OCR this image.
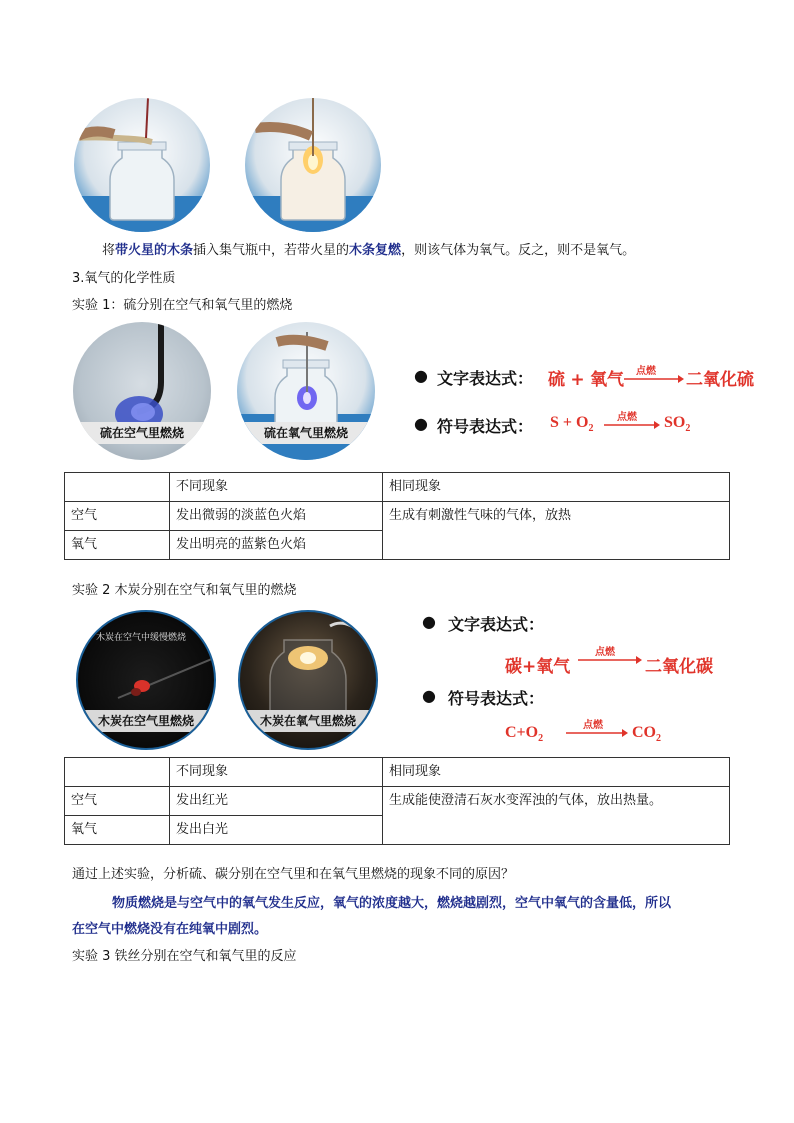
将带火星的木条插入集气瓶中，若带火星的木条复燃，则该气体为氧气。反之，则不是氧气。
3.氧气的化学性质
实验 1：硫分别在空气和氧气里的燃烧
硫在空气里燃烧	硫在氧气里燃烧
● 文字表达式： 硫 + 氧气 点燃 → 二氧化硫
● 符号表达式： $S + O_2$
点燃 → $SO_2$
	不同现象	相同现象
空气	发出微弱的淡蓝色火焰	生成有刺激性气味的气体，放热
氧气	发出明亮的蓝紫色火焰	
实验 2 木炭分别在空气和氧气里的燃烧
木炭在空气中缓慢燃烧
木炭在空气里燃烧	木炭在氧气里燃烧
● 文字表达式：
碳+氧气
点燃
→ 二氧化碳
● 符号表达式：
$C+O_2$
点燃 → $CO_2$
	不同现象	相同现象
空气	发出红光	生成能使澄清石灰水变浑浊的气体，放出热量。
氧气	发出白光	
通过上述实验，分析硫、碳分别在空气里和在氧气里燃烧的现象不同的原因？
物质燃烧是与空气中的氧气发生反应，氧气的浓度越大，燃烧越剧烈，空气中氧气的含量低，所以
在空气中燃烧没有在纯氧中剧烈。
实验 3 铁丝分别在空气和氧气里的反应
